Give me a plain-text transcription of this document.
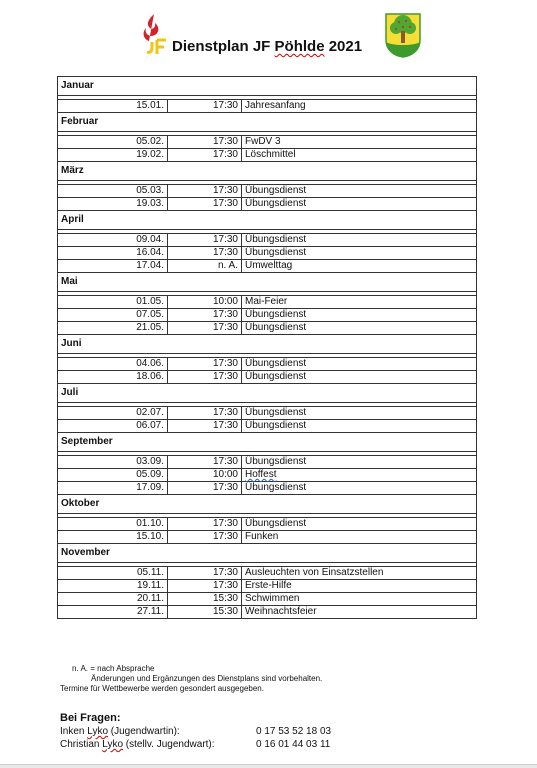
Dienstplan JF Pöhlde 2021
Januar			

	15.01.	17:30	Jahresanfang
Februar			

	05.02.	17:30	FwDV 3
	19.02.	17:30	Löschmittel
März			

	05.03.	17:30	Übungsdienst
	19.03.	17:30	Übungsdienst
April			

	09.04.	17:30	Übungsdienst
	16.04.	17:30	Übungsdienst
	17.04.	n. A.	Umwelttag
Mai			

	01.05.	10:00	Mai-Feier
	07.05.	17:30	Übungsdienst
	21.05.	17:30	Übungsdienst
Juni			

	04.06.	17:30	Übungsdienst
	18.06.	17:30	Übungsdienst
Juli			

	02.07.	17:30	Übungsdienst
	06.07.	17:30	Übungsdienst
September			

	03.09.	17:30	Übungsdienst
	05.09.	10:00	Hoffest
	17.09.	17:30	Übungsdienst
Oktober			

	01.10.	17:30	Übungsdienst
	15.10.	17:30	Funken
November			

	05.11.	17:30	Ausleuchten von Einsatzstellen
	19.11.	17:30	Erste-Hilfe
	20.11.	15:30	Schwimmen
	27.11.	15:30	Weihnachtsfeier
n. A. = nach Absprache
Änderungen und Ergänzungen des Dienstplans sind vorbehalten.
Termine für Wettbewerbe werden gesondert ausgegeben.
Bei Fragen:
Inken Lyko (Jugendwartin):	0 17 53 52 18 03
Christian Lyko (stellv. Jugendwart):	0 16 01 44 03 11
